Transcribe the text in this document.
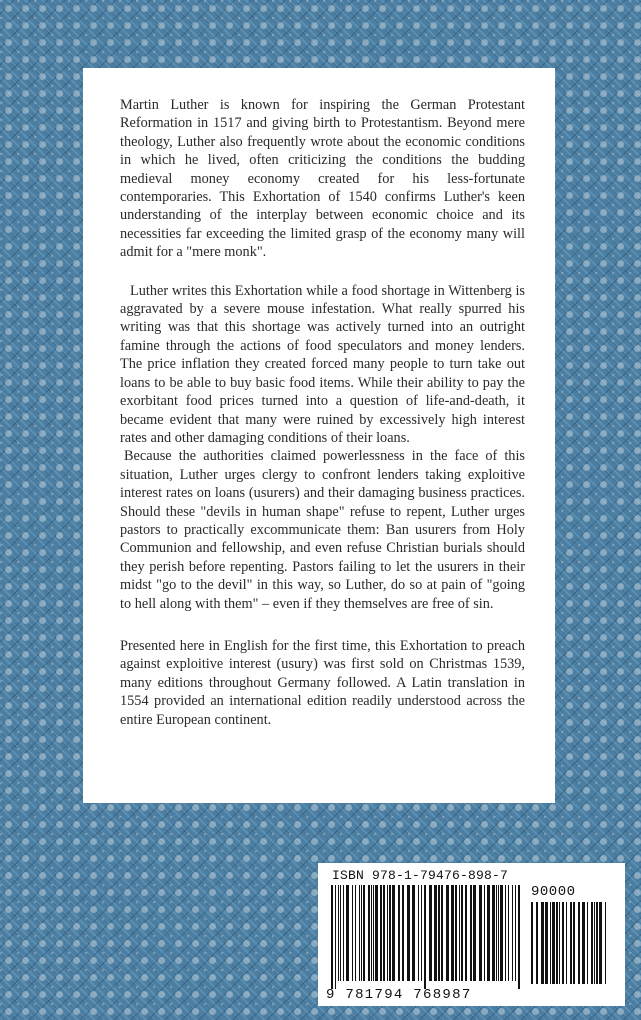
Martin Luther is known for inspiring the German Protestant Reformation in 1517 and giving birth to Protestantism. Beyond mere theology, Luther also frequently wrote about the economic conditions in which he lived, often criticizing the conditions the budding medieval money economy created for his less-fortunate contemporaries. This Exhortation of 1540 confirms Luther's keen understanding of the interplay between economic choice and its necessities far exceeding the limited grasp of the economy many will admit for a "mere monk".

Luther writes this Exhortation while a food shortage in Wittenberg is aggravated by a severe mouse infestation. What really spurred his writing was that this shortage was actively turned into an outright famine through the actions of food speculators and money lenders. The price inflation they created forced many people to turn take out loans to be able to buy basic food items. While their ability to pay the exorbitant food prices turned into a question of life-and-death, it became evident that many were ruined by excessively high interest rates and other damaging conditions of their loans.

Because the authorities claimed powerlessness in the face of this situation, Luther urges clergy to confront lenders taking exploitive interest rates on loans (usurers) and their damaging business practices. Should these "devils in human shape" refuse to repent, Luther urges pastors to practically excommunicate them: Ban usurers from Holy Communion and fellowship, and even refuse Christian burials should they perish before repenting. Pastors failing to let the usurers in their midst "go to the devil" in this way, so Luther, do so at pain of "going to hell along with them" – even if they themselves are free of sin.

Presented here in English for the first time, this Exhortation to preach against exploitive interest (usury) was first sold on Christmas 1539, many editions throughout Germany followed. A Latin translation in 1554 provided an international edition readily understood across the entire European continent.

ISBN 978-1-79476-898-7
90000
9 781794 768987
